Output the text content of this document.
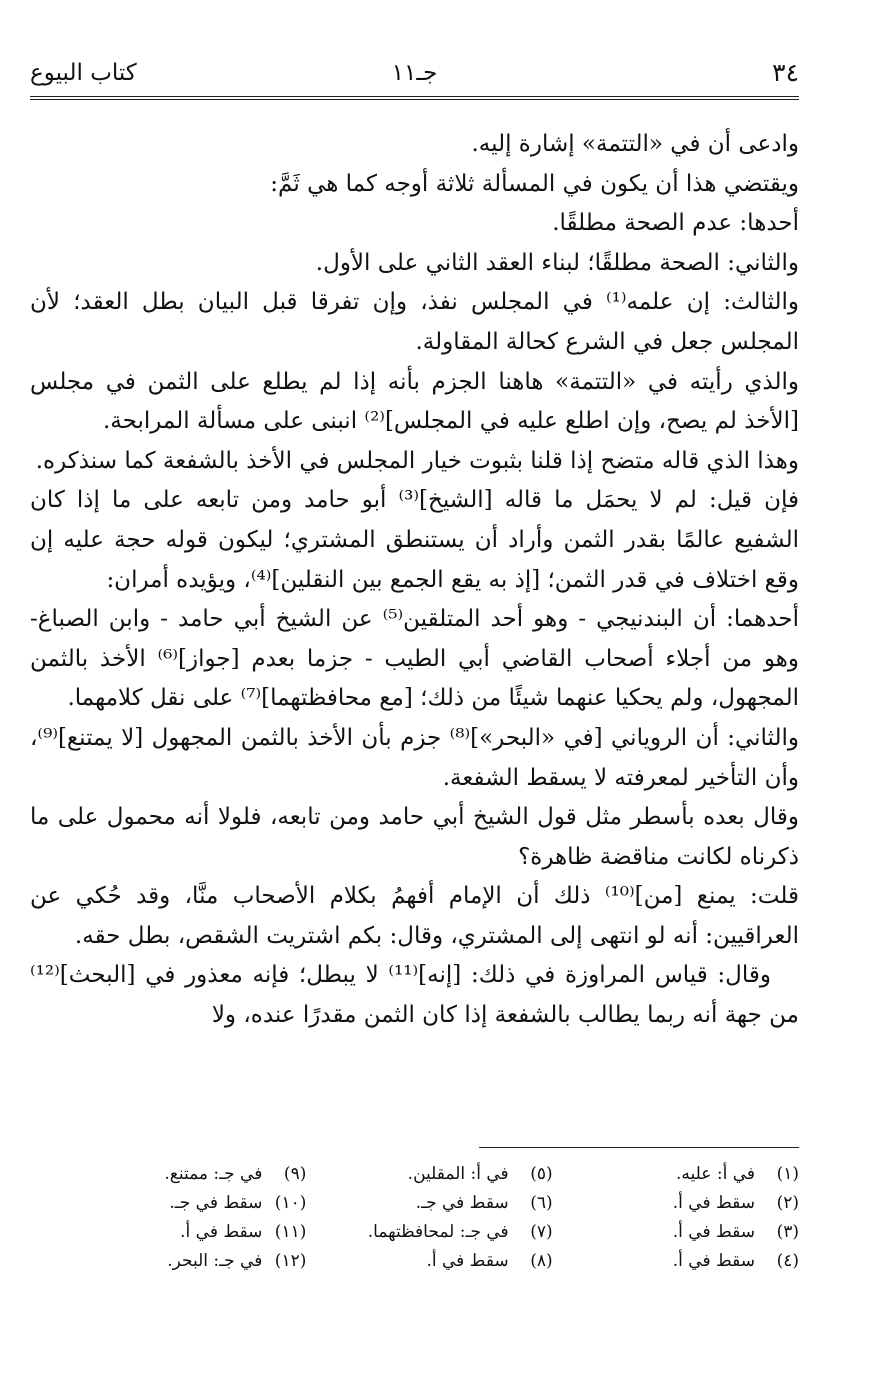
٣٤
جـ١١
كتاب البيوع

وادعى أن في «التتمة» إشارة إليه.

ويقتضي هذا أن يكون في المسألة ثلاثة أوجه كما هي ثَمَّ:

أحدها: عدم الصحة مطلقًا.

والثاني: الصحة مطلقًا؛ لبناء العقد الثاني على الأول.

والثالث: إن علمه⁽¹⁾ في المجلس نفذ، وإن تفرقا قبل البيان بطل العقد؛ لأن المجلس جعل في الشرع كحالة المقاولة.

والذي رأيته في «التتمة» هاهنا الجزم بأنه إذا لم يطلع على الثمن في مجلس [الأخذ لم يصح، وإن اطلع عليه في المجلس]⁽²⁾ انبنى على مسألة المرابحة.

وهذا الذي قاله متضح إذا قلنا بثبوت خيار المجلس في الأخذ بالشفعة كما سنذكره.

فإن قيل: لم لا يحمَل ما قاله [الشيخ]⁽³⁾ أبو حامد ومن تابعه على ما إذا كان الشفيع عالمًا بقدر الثمن وأراد أن يستنطق المشتري؛ ليكون قوله حجة عليه إن وقع اختلاف في قدر الثمن؛ [إذ به يقع الجمع بين النقلين]⁽⁴⁾، ويؤيده أمران:

أحدهما: أن البندنيجي - وهو أحد المتلقين⁽⁵⁾ عن الشيخ أبي حامد - وابن الصباغ- وهو من أجلاء أصحاب القاضي أبي الطيب - جزما بعدم [جواز]⁽⁶⁾ الأخذ بالثمن المجهول، ولم يحكيا عنهما شيئًا من ذلك؛ [مع محافظتهما]⁽⁷⁾ على نقل كلامهما.

والثاني: أن الروياني [في «البحر»]⁽⁸⁾ جزم بأن الأخذ بالثمن المجهول [لا يمتنع]⁽⁹⁾، وأن التأخير لمعرفته لا يسقط الشفعة.

وقال بعده بأسطر مثل قول الشيخ أبي حامد ومن تابعه، فلولا أنه محمول على ما ذكرناه لكانت مناقضة ظاهرة؟

قلت: يمنع [من]⁽¹⁰⁾ ذلك أن الإمام أفهمُ بكلام الأصحاب منَّا، وقد حُكي عن العراقيين: أنه لو انتهى إلى المشتري، وقال: بكم اشتريت الشقص، بطل حقه.

وقال: قياس المراوزة في ذلك: [إنه]⁽¹¹⁾ لا يبطل؛ فإنه معذور في [البحث]⁽¹²⁾ من جهة أنه ربما يطالب بالشفعة إذا كان الثمن مقدرًا عنده، ولا

(١)في أ: عليه.
(٢)سقط في أ.
(٣)سقط في أ.
(٤)سقط في أ.
(٥)في أ: المقلين.
(٦)سقط في جـ.
(٧)في جـ: لمحافظتهما.
(٨)سقط في أ.
(٩)في جـ: ممتنع.
(١٠)سقط في جـ.
(١١)سقط في أ.
(١٢)في جـ: البحر.
